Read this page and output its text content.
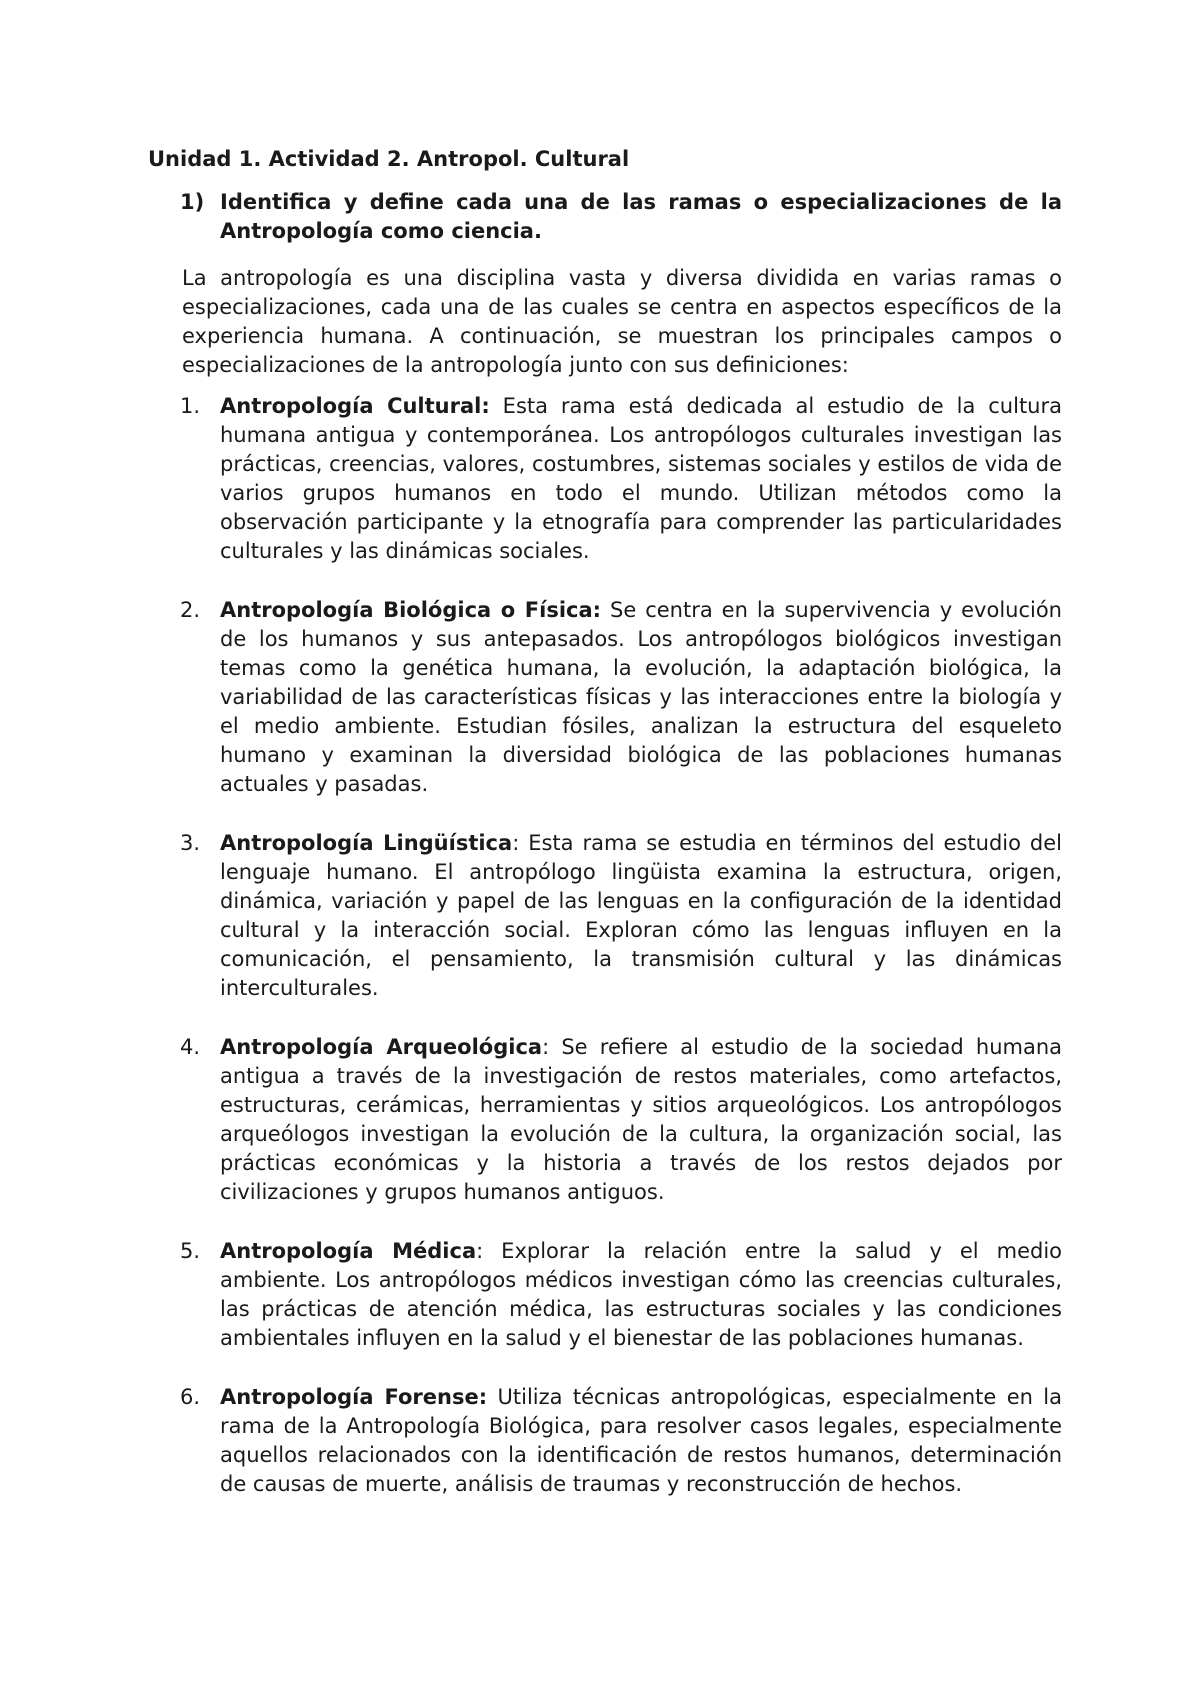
Unidad 1. Actividad 2. Antropol. Cultural
1) Identifica y define cada una de las ramas o especializaciones de la Antropología como ciencia.
La antropología es una disciplina vasta y diversa dividida en varias ramas o especializaciones, cada una de las cuales se centra en aspectos específicos de la experiencia humana. A continuación, se muestran los principales campos o especializaciones de la antropología junto con sus definiciones:
1. Antropología Cultural: Esta rama está dedicada al estudio de la cultura humana antigua y contemporánea. Los antropólogos culturales investigan las prácticas, creencias, valores, costumbres, sistemas sociales y estilos de vida de varios grupos humanos en todo el mundo. Utilizan métodos como la observación participante y la etnografía para comprender las particularidades culturales y las dinámicas sociales.
2. Antropología Biológica o Física: Se centra en la supervivencia y evolución de los humanos y sus antepasados. Los antropólogos biológicos investigan temas como la genética humana, la evolución, la adaptación biológica, la variabilidad de las características físicas y las interacciones entre la biología y el medio ambiente. Estudian fósiles, analizan la estructura del esqueleto humano y examinan la diversidad biológica de las poblaciones humanas actuales y pasadas.
3. Antropología Lingüística: Esta rama se estudia en términos del estudio del lenguaje humano. El antropólogo lingüista examina la estructura, origen, dinámica, variación y papel de las lenguas en la configuración de la identidad cultural y la interacción social. Exploran cómo las lenguas influyen en la comunicación, el pensamiento, la transmisión cultural y las dinámicas interculturales.
4. Antropología Arqueológica: Se refiere al estudio de la sociedad humana antigua a través de la investigación de restos materiales, como artefactos, estructuras, cerámicas, herramientas y sitios arqueológicos. Los antropólogos arqueólogos investigan la evolución de la cultura, la organización social, las prácticas económicas y la historia a través de los restos dejados por civilizaciones y grupos humanos antiguos.
5. Antropología Médica: Explorar la relación entre la salud y el medio ambiente. Los antropólogos médicos investigan cómo las creencias culturales, las prácticas de atención médica, las estructuras sociales y las condiciones ambientales influyen en la salud y el bienestar de las poblaciones humanas.
6. Antropología Forense: Utiliza técnicas antropológicas, especialmente en la rama de la Antropología Biológica, para resolver casos legales, especialmente aquellos relacionados con la identificación de restos humanos, determinación de causas de muerte, análisis de traumas y reconstrucción de hechos.
